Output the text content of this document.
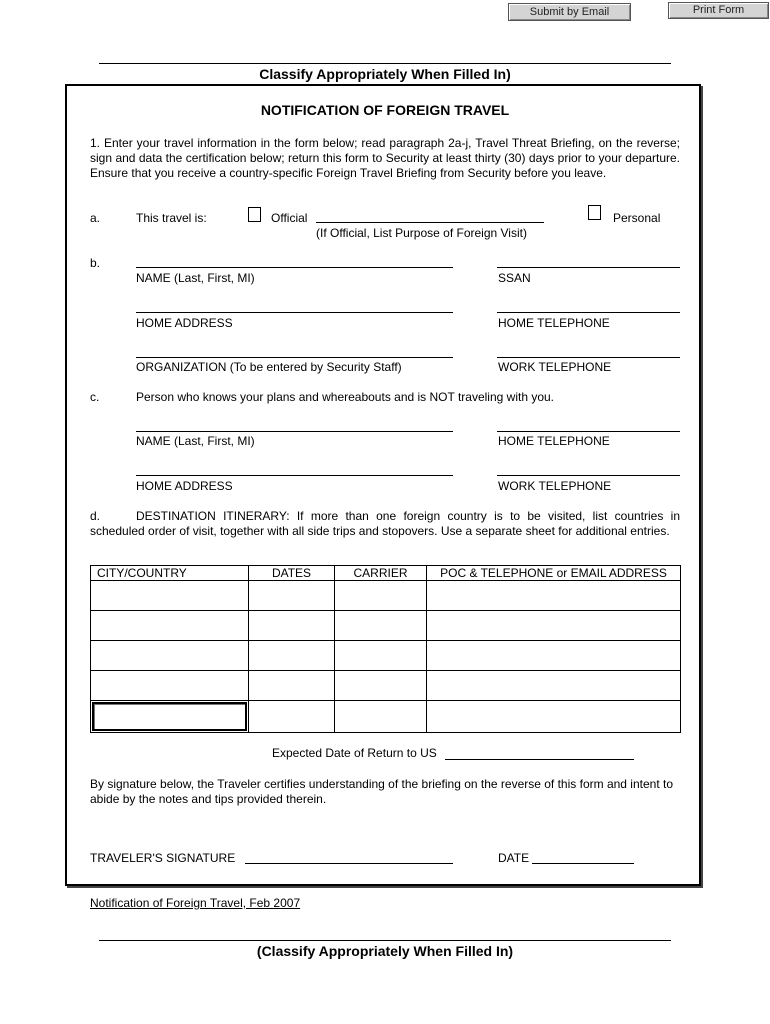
Submit by Email	Print Form
Classify Appropriately When Filled In)
NOTIFICATION OF FOREIGN TRAVEL
1. Enter your travel information in the form below; read paragraph 2a-j, Travel Threat Briefing, on the reverse; sign and data the certification below; return this form to Security at least thirty (30) days prior to your departure. Ensure that you receive a country-specific Foreign Travel Briefing from Security before you leave.
a.	This travel is:	Official
(If Official, List Purpose of Foreign Visit)
Personal
b.
NAME (Last, First, MI)	SSAN
HOME ADDRESS	HOME TELEPHONE
ORGANIZATION (To be entered by Security Staff)	WORK TELEPHONE
c.	Person who knows your plans and whereabouts and is NOT traveling with you.
NAME (Last, First, MI)	HOME TELEPHONE
HOME ADDRESS	WORK TELEPHONE
d.	DESTINATION ITINERARY: If more than one foreign country is to be visited, list countries in scheduled order of visit, together with all side trips and stopovers. Use a separate sheet for additional entries.
CITY/COUNTRY	DATES	CARRIER	POC & TELEPHONE or EMAIL ADDRESS

Expected Date of Return to US
By signature below, the Traveler certifies understanding of the briefing on the reverse of this form and intent to abide by the notes and tips provided therein.
TRAVELER'S SIGNATURE	DATE
Notification of Foreign Travel, Feb 2007
(Classify Appropriately When Filled In)
